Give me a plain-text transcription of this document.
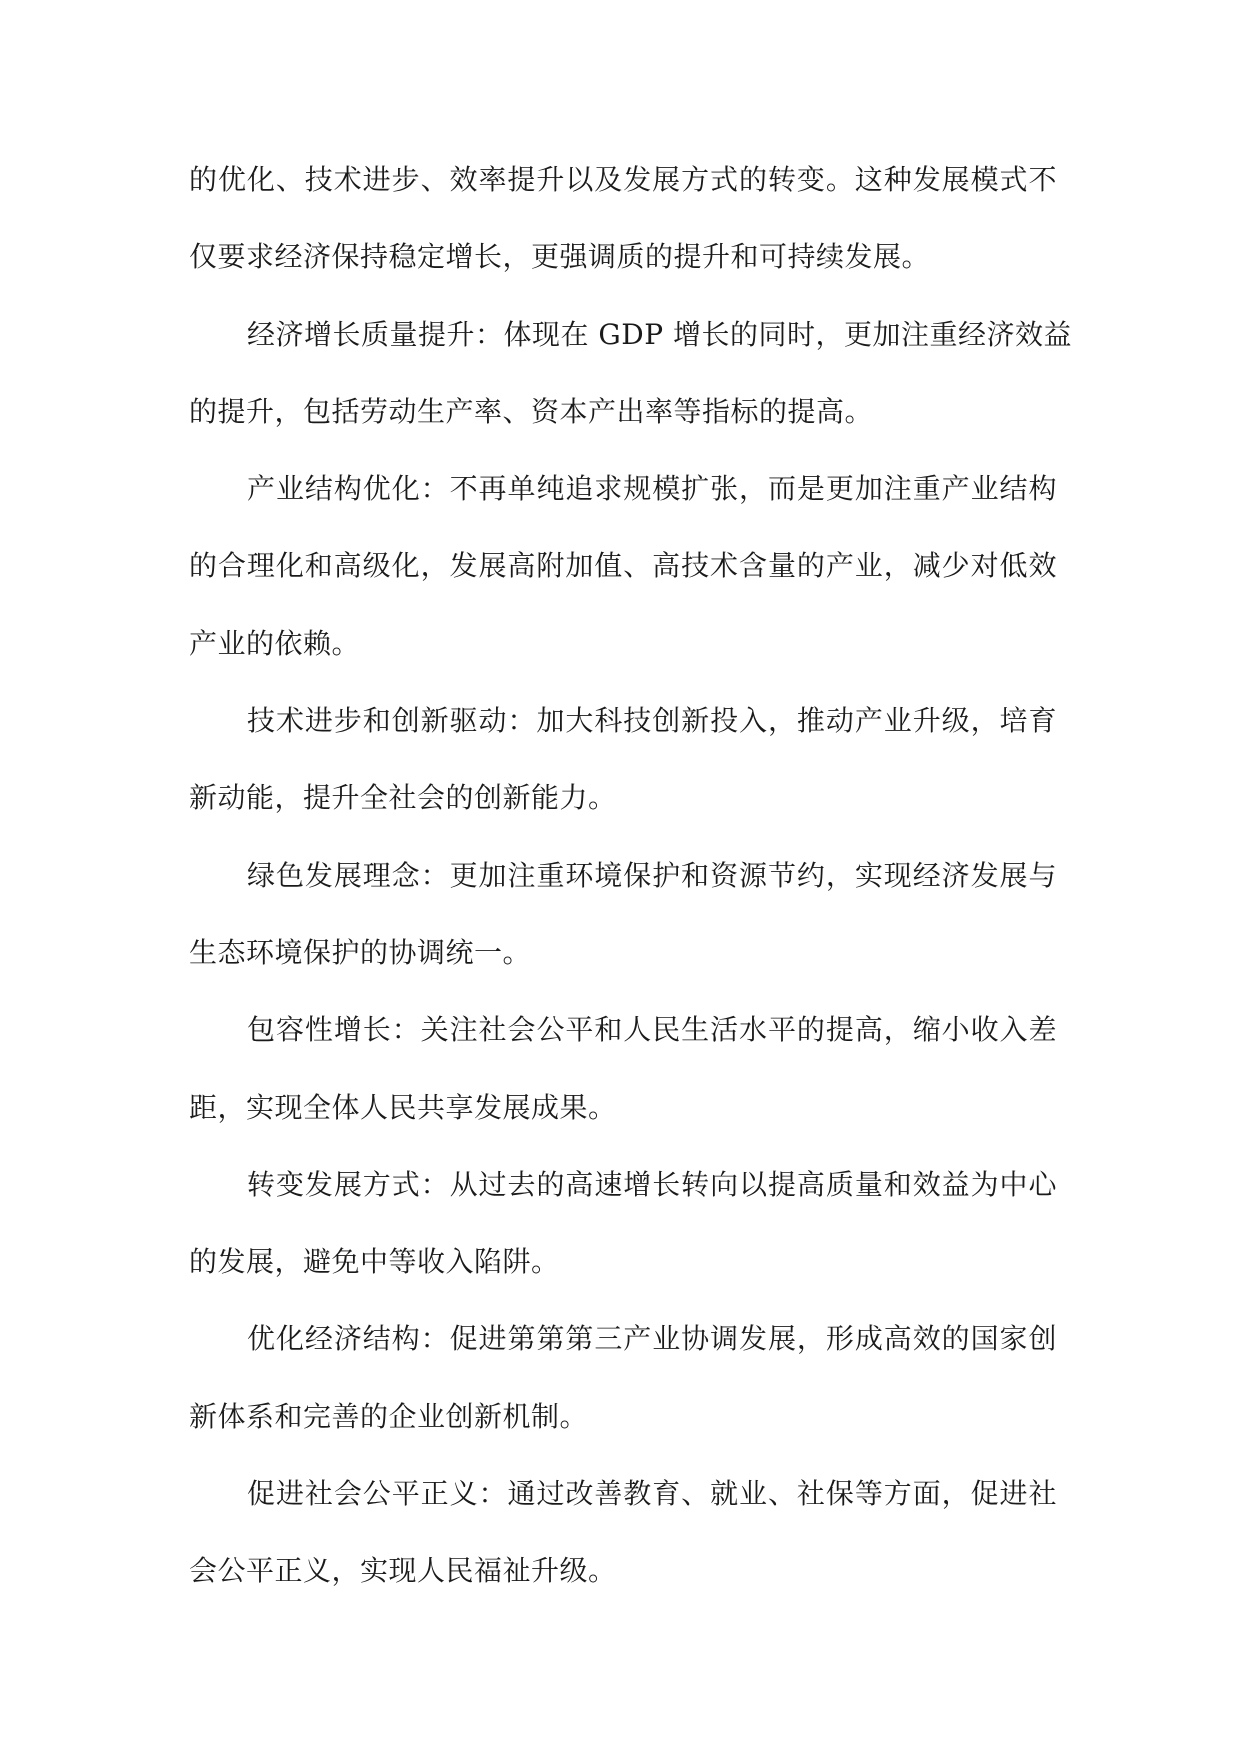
的优化、技术进步、效率提升以及发展方式的转变。这种发展模式不
仅要求经济保持稳定增长，更强调质的提升和可持续发展。

经济增长质量提升：体现在 GDP 增长的同时，更加注重经济效益
的提升，包括劳动生产率、资本产出率等指标的提高。

产业结构优化：不再单纯追求规模扩张，而是更加注重产业结构
的合理化和高级化，发展高附加值、高技术含量的产业，减少对低效
产业的依赖。

技术进步和创新驱动：加大科技创新投入，推动产业升级，培育
新动能，提升全社会的创新能力。

绿色发展理念：更加注重环境保护和资源节约，实现经济发展与
生态环境保护的协调统一。

包容性增长：关注社会公平和人民生活水平的提高，缩小收入差
距，实现全体人民共享发展成果。

转变发展方式：从过去的高速增长转向以提高质量和效益为中心
的发展，避免中等收入陷阱。

优化经济结构：促进第第第三产业协调发展，形成高效的国家创
新体系和完善的企业创新机制。

促进社会公平正义：通过改善教育、就业、社保等方面，促进社
会公平正义，实现人民福祉升级。
